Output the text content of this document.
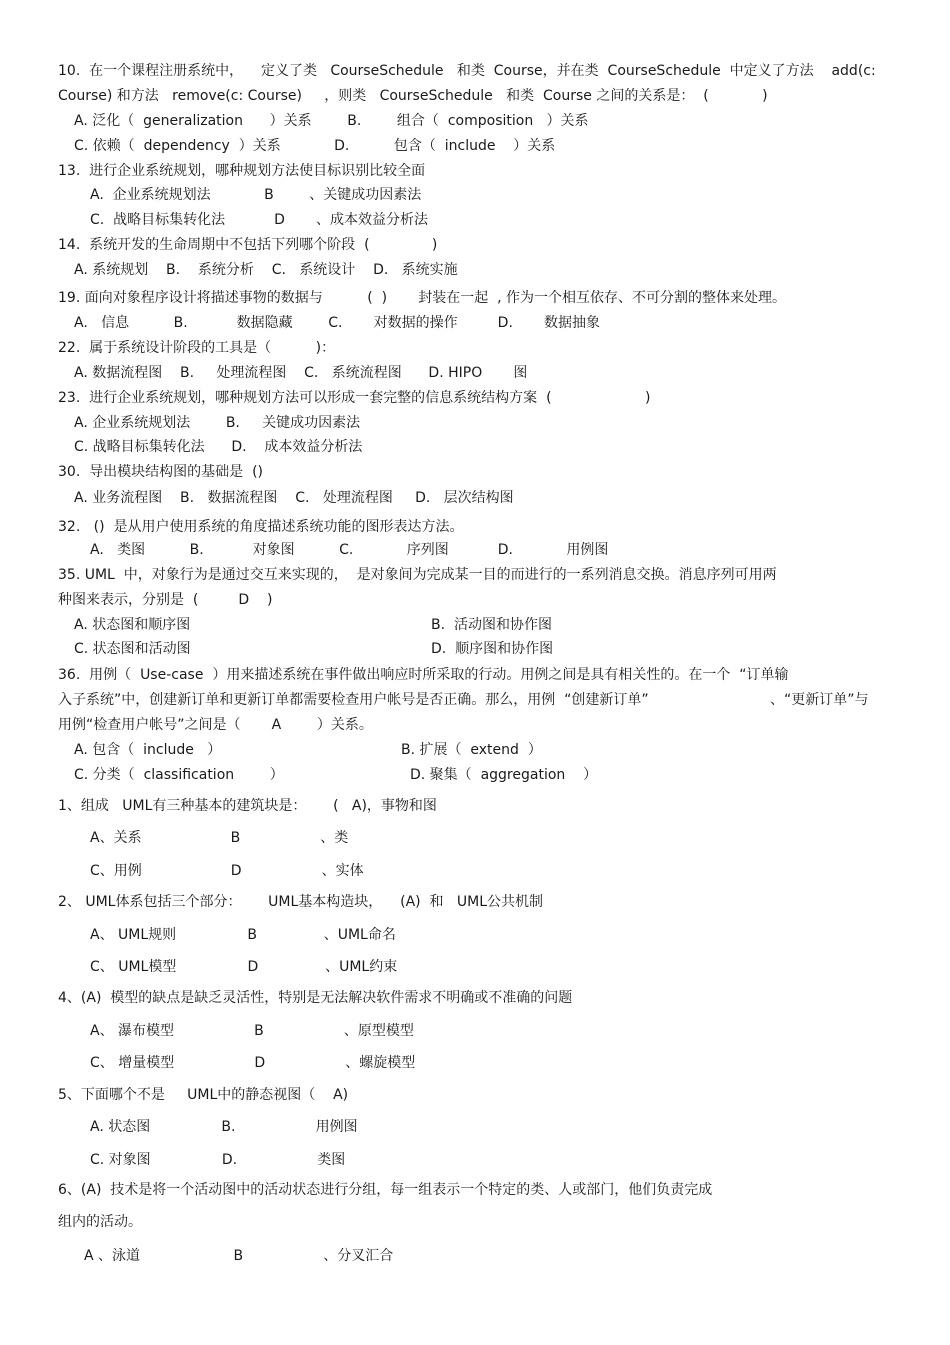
10.  在一个课程注册系统中，    定义了类   CourseSchedule   和类  Course，并在类  CourseSchedule  中定义了方法    add(c:
Course) 和方法   remove(c: Course)     ，则类   CourseSchedule   和类  Course 之间的关系是：  (            )
A. 泛化（  generalization      ）关系        B.        组合（  composition   ）关系
C. 依赖（  dependency  ）关系            D.          包含（  include    ）关系
13.  进行企业系统规划，哪种规划方法使目标识别比较全面
A.  企业系统规划法            B        、关键成功因素法
C.  战略目标集转化法           D       、成本效益分析法
14.  系统开发的生命周期中不包括下列哪个阶段  (              )
A. 系统规划    B.    系统分析    C.   系统设计    D.   系统实施
19. 面向对象程序设计将描述事物的数据与          (  )       封装在一起  , 作为一个相互依存、不可分割的整体来处理。
A.   信息          B.           数据隐藏        C.       对数据的操作         D.       数据抽象
22.  属于系统设计阶段的工具是（          )：
A. 数据流程图    B.     处理流程图    C.   系统流程图      D. HIPO       图
23.  进行企业系统规划，哪种规划方法可以形成一套完整的信息系统结构方案  (                     )
A. 企业系统规划法        B.     关键成功因素法
C. 战略目标集转化法      D.    成本效益分析法
30.  导出模块结构图的基础是  ()
A. 业务流程图    B.   数据流程图    C.   处理流程图     D.   层次结构图
32.   ()  是从用户使用系统的角度描述系统功能的图形表达方法。
A.   类图          B.           对象图          C.            序列图           D.            用例图
35. UML  中，对象行为是通过交互来实现的，  是对象间为完成某一目的而进行的一系列消息交换。消息序列可用两
种图来表示，分别是  (         D    )
A. 状态图和顺序图	B.  活动图和协作图
C. 状态图和活动图	D.  顺序图和协作图
36.  用例（  Use-case  ）用来描述系统在事件做出响应时所采取的行动。用例之间是具有相关性的。在一个  “订单输
入子系统”中，创建新订单和更新订单都需要检查用户帐号是否正确。那么，用例  “创建新订单”	、“更新订单”与
用例“检查用户帐号”之间是（       A        ）关系。
A. 包含（  include   ）	B. 扩展（  extend  ）
C. 分类（  classification        ）	D. 聚集（  aggregation    ）
1、组成   UML有三种基本的建筑块是：      (   A)，事物和图
A、关系                    B                  、类
C、用例                    D                  、实体
2、 UML体系包括三个部分：      UML基本构造块，    (A)  和   UML公共机制
A、 UML规则                B               、UML命名
C、 UML模型                D               、UML约束
4、(A)  模型的缺点是缺乏灵活性，特别是无法解决软件需求不明确或不准确的问题
A、 瀑布模型                  B                  、原型模型
C、 增量模型                  D                  、螺旋模型
5、下面哪个不是     UML中的静态视图（    A)
A. 状态图                B.                  用例图
C. 对象图                D.                  类图
6、(A)  技术是将一个活动图中的活动状态进行分组，每一组表示一个特定的类、人或部门，他们负责完成
组内的活动。
A 、泳道                     B                  、分叉汇合
